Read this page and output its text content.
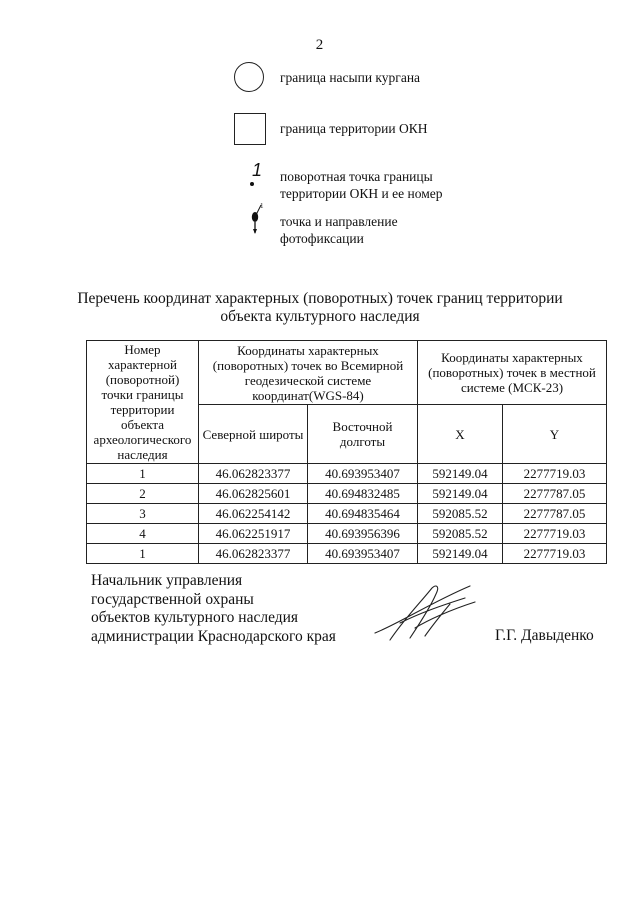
2
граница насыпи кургана
граница территории ОКН
1 поворотная точка границы
территории ОКН и ее номер
1
точка и направление
фотофиксации
Перечень координат характерных (поворотных) точек границ территории
объекта культурного наследия
Номер характерной (поворотной) точки границы территории объекта археологического наследия	Координаты характерных (поворотных) точек во Всемирной геодезической системе координат(WGS-84)		Координаты характерных (поворотных) точек в местной системе (МСК-23)	
	Северной широты	Восточной долготы	X	Y
1	46.062823377	40.693953407	592149.04	2277719.03
2	46.062825601	40.694832485	592149.04	2277787.05
3	46.062254142	40.694835464	592085.52	2277787.05
4	46.062251917	40.693956396	592085.52	2277719.03
1	46.062823377	40.693953407	592149.04	2277719.03
Начальник управления
государственной охраны
объектов культурного наследия
администрации Краснодарского края	Г.Г. Давыденко
